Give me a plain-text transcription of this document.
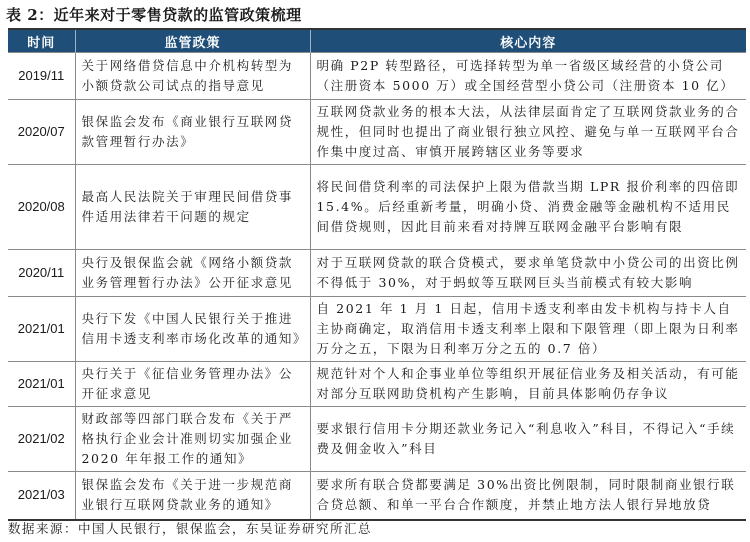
表 2：近年来对于零售贷款的监管政策梳理
时间	监管政策	核心内容
2019/11	关于网络借贷信息中介机构转型为小额贷款公司试点的指导意见	明确 P2P 转型路径，可选择转型为单一省级区域经营的小贷公司（注册资本 5000 万）或全国经营型小贷公司（注册资本 10 亿）
2020/07	银保监会发布《商业银行互联网贷款管理暂行办法》	互联网贷款业务的根本大法，从法律层面肯定了互联网贷款业务的合规性，但同时也提出了商业银行独立风控、避免与单一互联网平台合作集中度过高、审慎开展跨辖区业务等要求
2020/08	最高人民法院关于审理民间借贷事件适用法律若干问题的规定	将民间借贷利率的司法保护上限为借款当期 LPR 报价利率的四倍即 15.4%。后经重新考量，明确小贷、消费金融等金融机构不适用民间借贷规则，因此目前来看对持牌互联网金融平台影响有限
2020/11	央行及银保监会就《网络小额贷款业务管理暂行办法》公开征求意见	对于互联网贷款的联合贷模式，要求单笔贷款中小贷公司的出资比例不得低于 30%，对于蚂蚁等互联网巨头当前模式有较大影响
2021/01	央行下发《中国人民银行关于推进信用卡透支利率市场化改革的通知》	自 2021 年 1 月 1 日起，信用卡透支利率由发卡机构与持卡人自主协商确定，取消信用卡透支利率上限和下限管理（即上限为日利率万分之五，下限为日利率万分之五的 0.7 倍）
2021/01	央行关于《征信业务管理办法》公开征求意见	规范针对个人和企事业单位等组织开展征信业务及相关活动，有可能对部分互联网助贷机构产生影响，目前具体影响仍存争议
2021/02	财政部等四部门联合发布《关于严格执行企业会计准则切实加强企业 2020 年年报工作的通知》	要求银行信用卡分期还款业务记入“利息收入”科目，不得记入“手续费及佣金收入”科目
2021/03	银保监会发布《关于进一步规范商业银行互联网贷款业务的通知》	要求所有联合贷都要满足 30%出资比例限制，同时限制商业银行联合贷总额、和单一平台合作额度，并禁止地方法人银行异地放贷
数据来源：中国人民银行，银保监会，东吴证券研究所汇总
